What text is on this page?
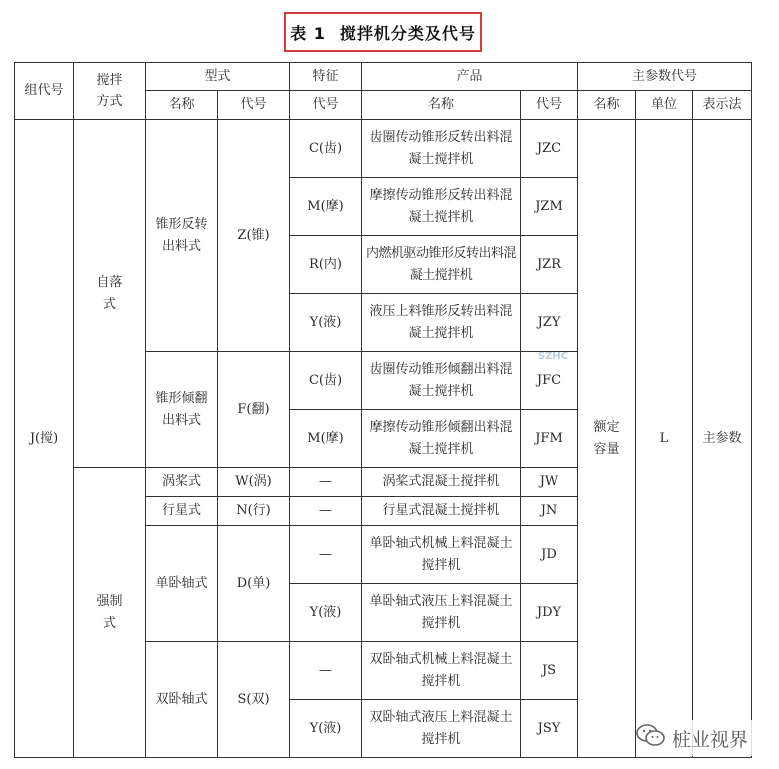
表 1 搅拌机分类及代号
组代号	搅拌方式	型式		特征	产品		主参数代号		
		名称	代号	代号	名称	代号	名称	单位	表示法
J(搅)	自落式	锥形反转出料式	Z(锥)	C(齿)	齿圈传动锥形反转出料混凝土搅拌机	JZC	额定容量	L	主参数
				M(摩)	摩擦传动锥形反转出料混凝土搅拌机	JZM			
				R(内)	内燃机驱动锥形反转出料混凝土搅拌机	JZR			
				Y(液)	液压上料锥形反转出料混凝土搅拌机	JZY			

		锥形倾翻出料式	F(翻)	C(齿)	齿圈传动锥形倾翻出料混凝土搅拌机	JFC			
				M(摩)	摩擦传动锥形倾翻出料混凝土搅拌机	JFM			

	强制式	涡桨式	W(涡)	—	涡桨式混凝土搅拌机	JW			
		行星式	N(行)	—	行星式混凝土搅拌机	JN			
		单卧轴式	D(单)	—	单卧轴式机械上料混凝土搅拌机	JD			
				Y(液)	单卧轴式液压上料混凝土搅拌机	JDY			
		双卧轴式	S(双)	—	双卧轴式机械上料混凝土搅拌机	JS			
				Y(液)	双卧轴式液压上料混凝土搅拌机	JSY			
SZHC
桩业视界
